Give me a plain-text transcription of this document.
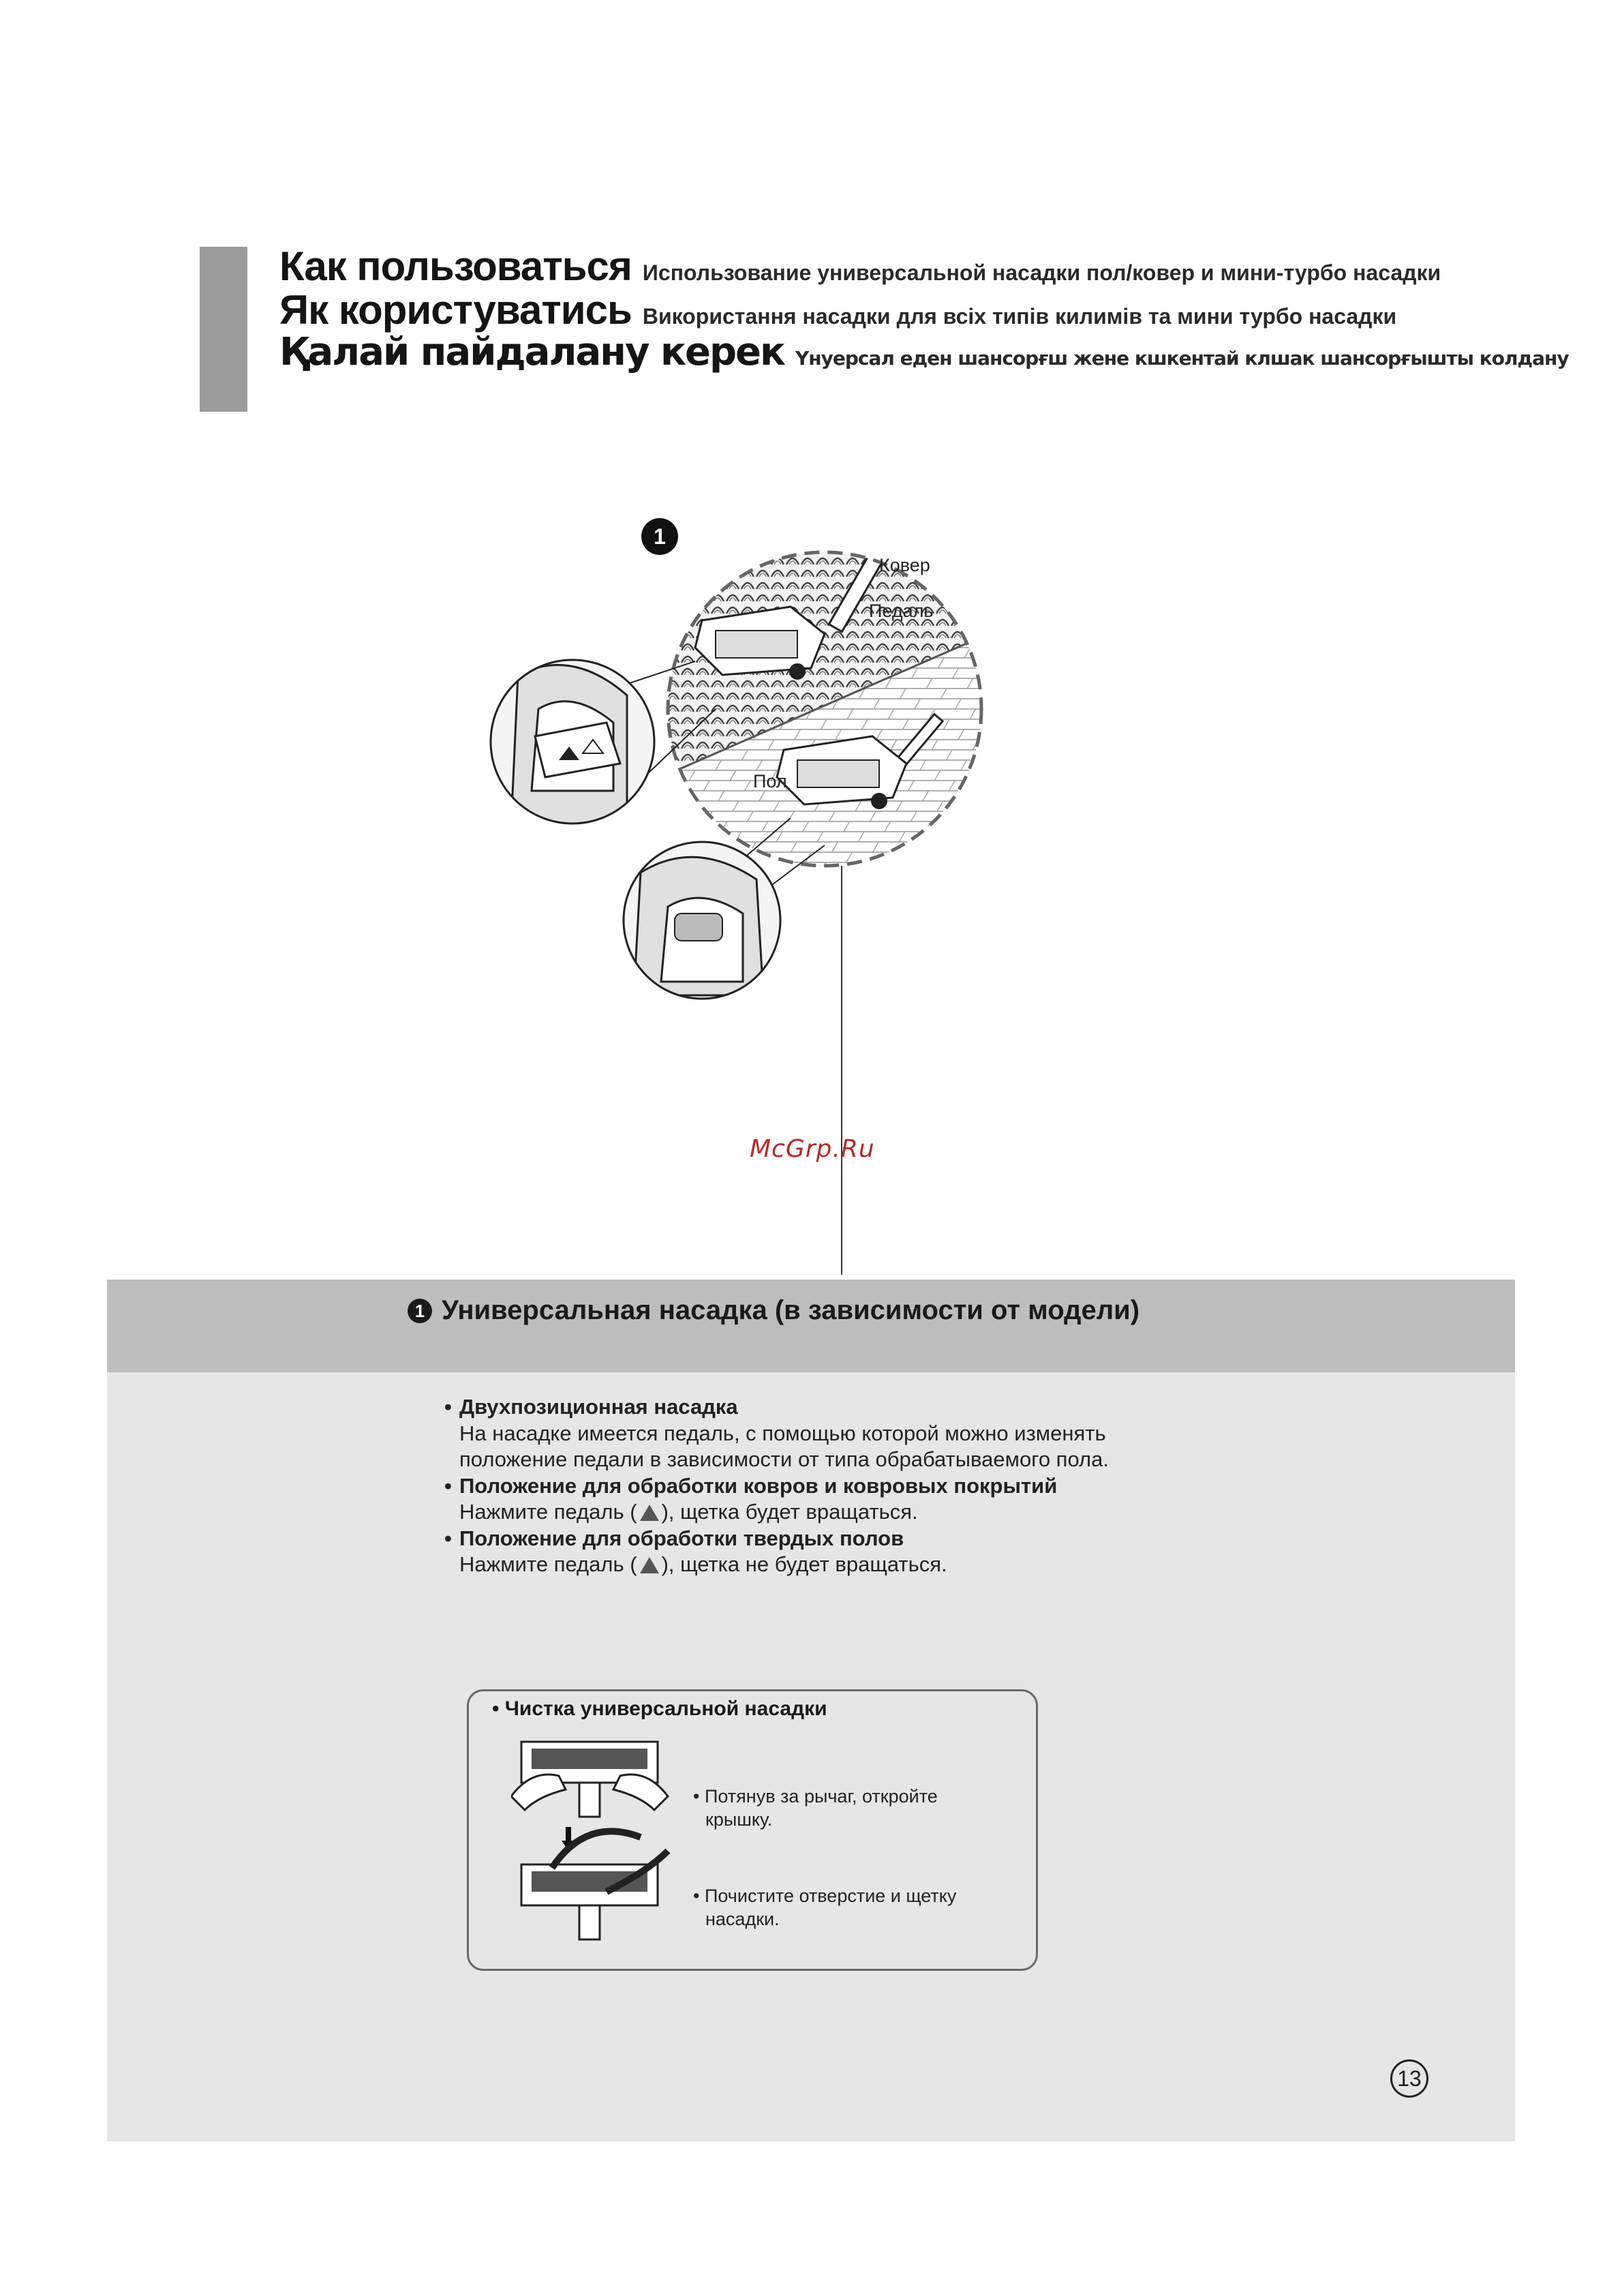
Как пользоваться Использование универсальной насадки пол/ковер и мини-турбо насадки
Як користуватись Використання насадки для всіх типів килимів та мини турбо насадки
Қалай пайдалану керек Үнуерсал еден шансорғш жене кшкентай клшак шансорғышты колдану
1
Ковер
Педаль
Пол
McGrp.Ru
1 Универсальная насадка (в зависимости от модели)

• Двухпозиционная насадка

На насадке имеется педаль, с помощью которой можно изменять

положение педали в зависимости от типа обрабатываемого пола.

• Положение для обработки ковров и ковровых покрытий

Нажмите педаль ( ), щетка будет вращаться.

• Положение для обработки твердых полов

Нажмите педаль ( ), щетка не будет вращаться.

• Чистка универсальной насадки
• Потянув за рычаг, откройте
крышку.
• Почистите отверстие и щетку
насадки.
13
